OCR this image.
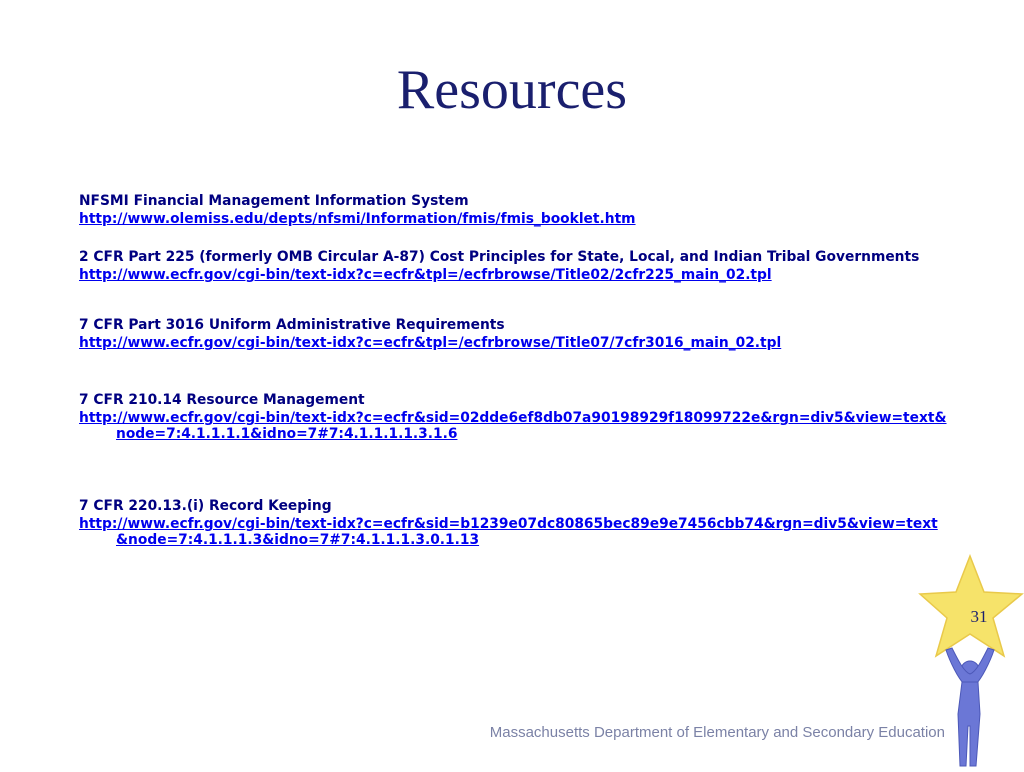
Resources
NFSMI Financial Management Information System
http://www.olemiss.edu/depts/nfsmi/Information/fmis/fmis_booklet.htm
2 CFR Part 225 (formerly OMB Circular A-87) Cost Principles for State, Local, and Indian Tribal Governments
http://www.ecfr.gov/cgi-bin/text-idx?c=ecfr&tpl=/ecfrbrowse/Title02/2cfr225_main_02.tpl
7 CFR Part 3016 Uniform Administrative Requirements
http://www.ecfr.gov/cgi-bin/text-idx?c=ecfr&tpl=/ecfrbrowse/Title07/7cfr3016_main_02.tpl
7 CFR 210.14 Resource Management
http://www.ecfr.gov/cgi-bin/text-idx?c=ecfr&sid=02dde6ef8db07a90198929f18099722e&rgn=div5&view=text&node=7:4.1.1.1.1&idno=7#7:4.1.1.1.1.3.1.6
7 CFR 220.13.(i) Record Keeping
http://www.ecfr.gov/cgi-bin/text-idx?c=ecfr&sid=b1239e07dc80865bec89e9e7456cbb74&rgn=div5&view=text&node=7:4.1.1.1.3&idno=7#7:4.1.1.1.3.0.1.13
31
Massachusetts Department of Elementary and Secondary Education
